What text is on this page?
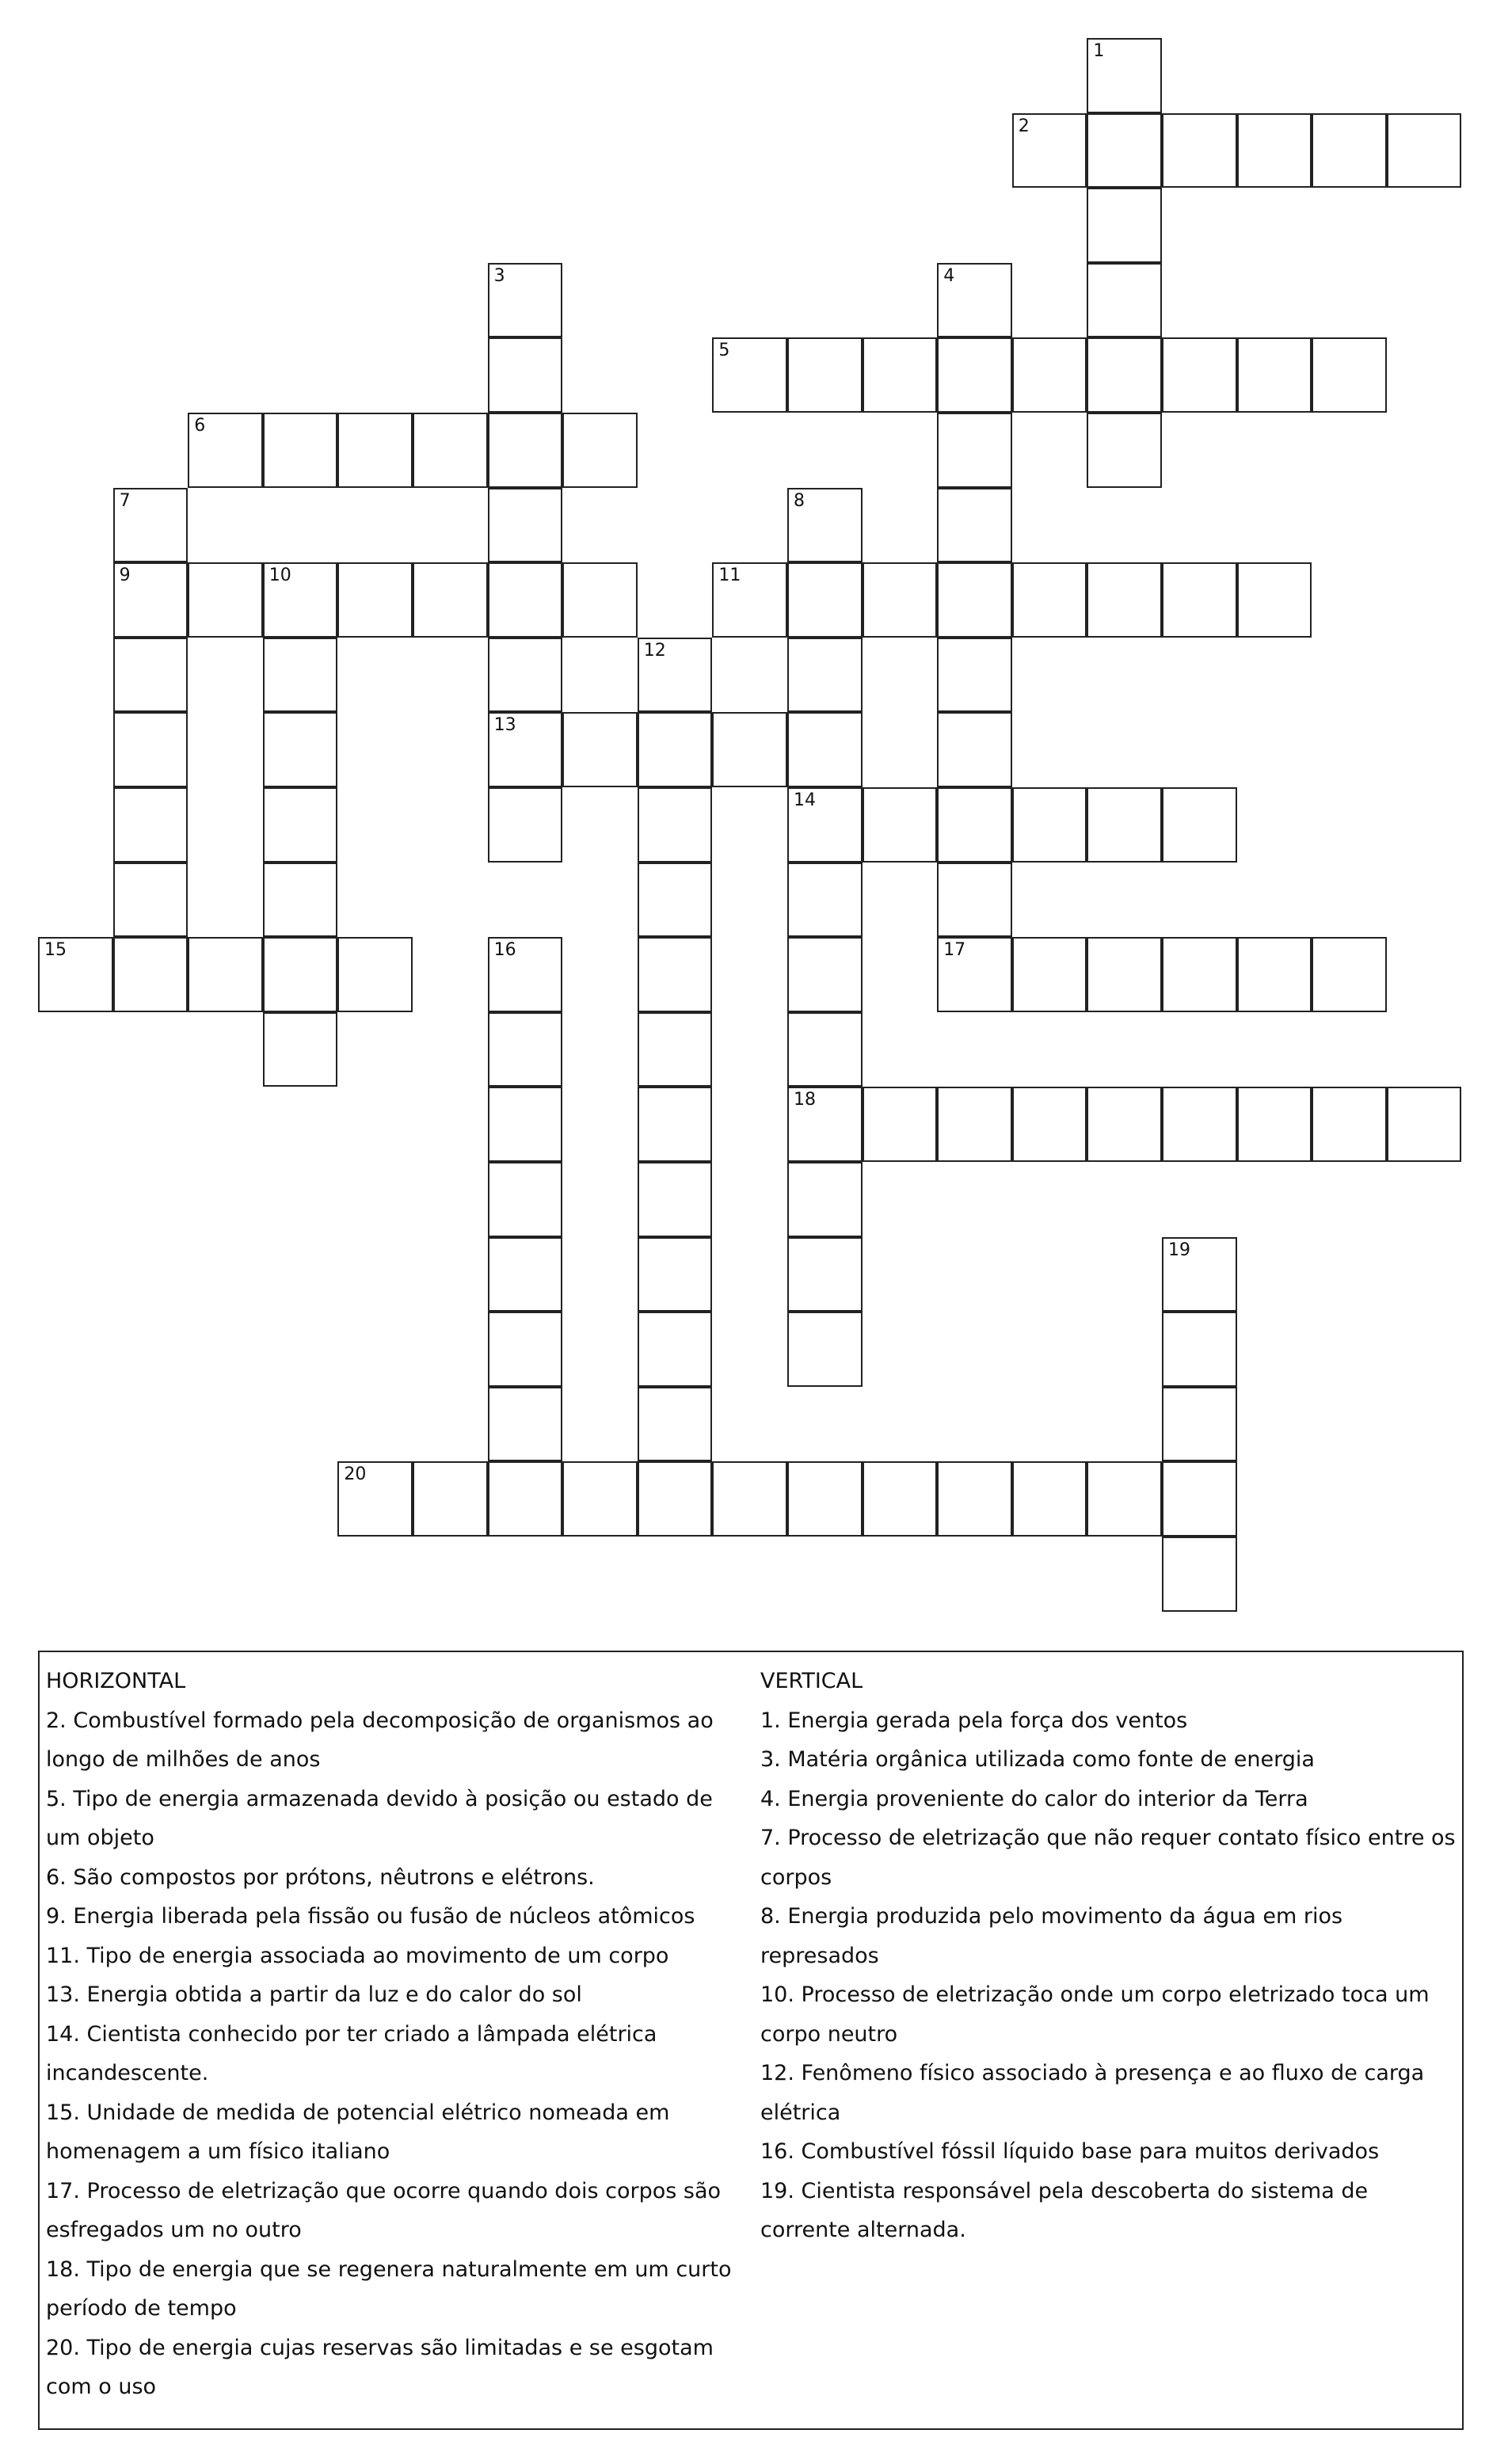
1
2
3
13
4
17
5
6
7
9
8
14
18
10	11
12
15	16
19
20

HORIZONTAL

2. Combustível formado pela decomposição de organismos ao longo de milhões de anos

5. Tipo de energia armazenada devido à posição ou estado de um objeto

6. São compostos por prótons, nêutrons e elétrons.

9. Energia liberada pela fissão ou fusão de núcleos atômicos

11. Tipo de energia associada ao movimento de um corpo

13. Energia obtida a partir da luz e do calor do sol

14. Cientista conhecido por ter criado a lâmpada elétrica incandescente.

15. Unidade de medida de potencial elétrico nomeada em homenagem a um físico italiano

17. Processo de eletrização que ocorre quando dois corpos são esfregados um no outro

18. Tipo de energia que se regenera naturalmente em um curto período de tempo

20. Tipo de energia cujas reservas são limitadas e se esgotam com o uso

VERTICAL

1. Energia gerada pela força dos ventos

3. Matéria orgânica utilizada como fonte de energia

4. Energia proveniente do calor do interior da Terra

7. Processo de eletrização que não requer contato físico entre os corpos

8. Energia produzida pelo movimento da água em rios represados

10. Processo de eletrização onde um corpo eletrizado toca um corpo neutro

12. Fenômeno físico associado à presença e ao fluxo de carga elétrica

16. Combustível fóssil líquido base para muitos derivados

19. Cientista responsável pela descoberta do sistema de corrente alternada.
